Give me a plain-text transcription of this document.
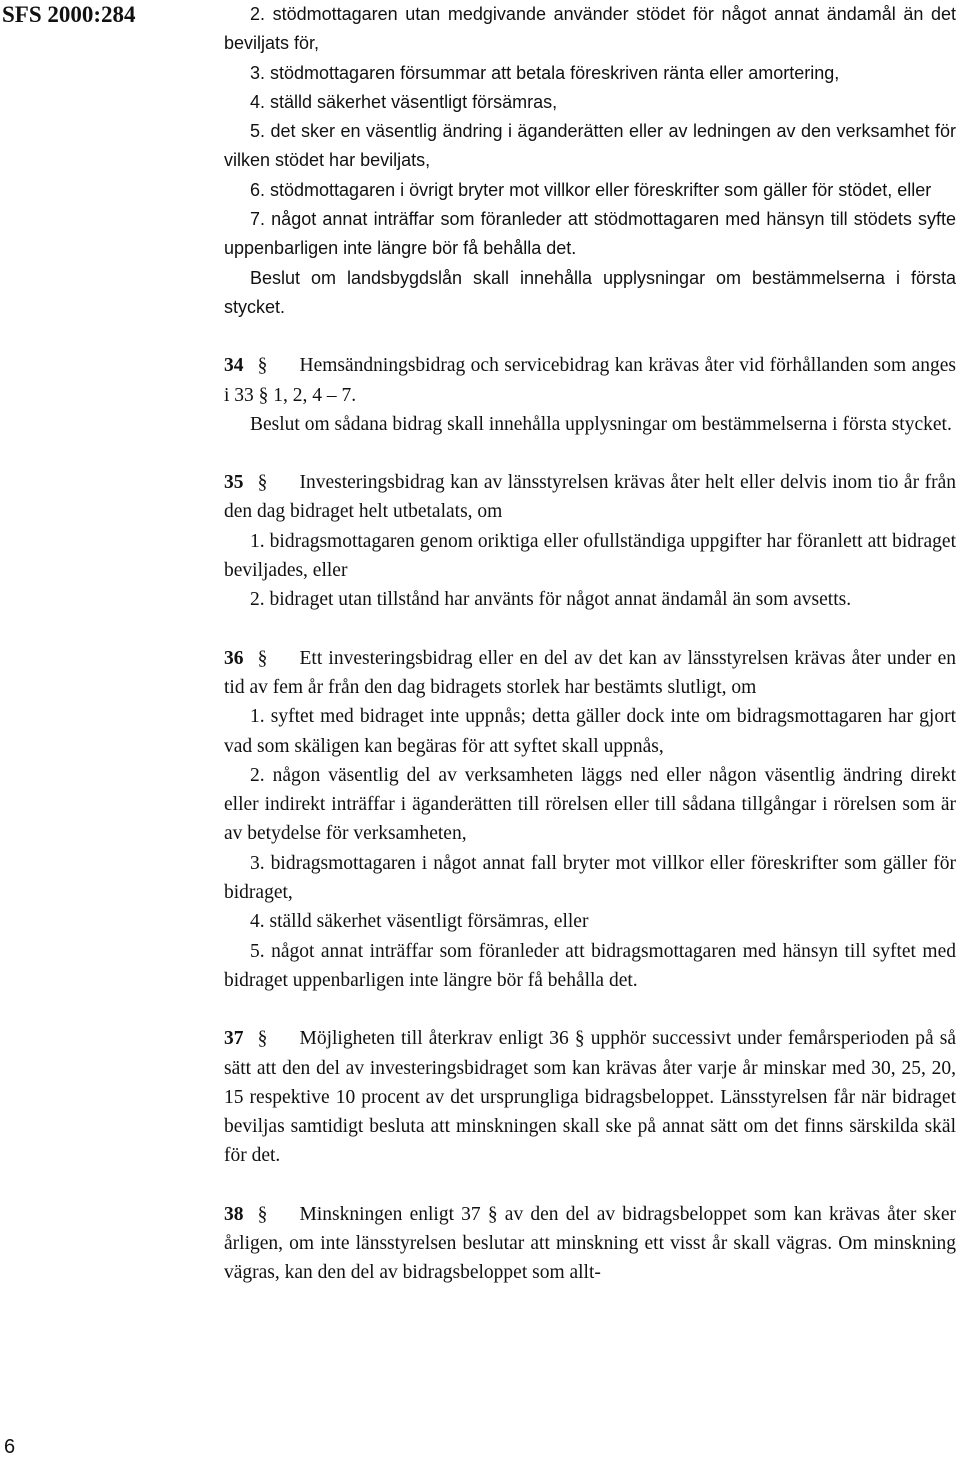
SFS 2000:284
6

2. stödmottagaren utan medgivande använder stödet för något annat ändamål än det beviljats för,

3. stödmottagaren försummar att betala föreskriven ränta eller amortering,

4. ställd säkerhet väsentligt försämras,

5. det sker en väsentlig ändring i äganderätten eller av ledningen av den verksamhet för vilken stödet har beviljats,

6. stödmottagaren i övrigt bryter mot villkor eller föreskrifter som gäller för stödet, eller

7. något annat inträffar som föranleder att stödmottagaren med hänsyn till stödets syfte uppenbarligen inte längre bör få behålla det.

Beslut om landsbygdslån skall innehålla upplysningar om bestämmelserna i första stycket.

34 § Hemsändningsbidrag och servicebidrag kan krävas åter vid förhållanden som anges i 33 § 1, 2, 4 – 7.

Beslut om sådana bidrag skall innehålla upplysningar om bestämmelserna i första stycket.

35 § Investeringsbidrag kan av länsstyrelsen krävas åter helt eller delvis inom tio år från den dag bidraget helt utbetalats, om

1. bidragsmottagaren genom oriktiga eller ofullständiga uppgifter har föranlett att bidraget beviljades, eller

2. bidraget utan tillstånd har använts för något annat ändamål än som avsetts.

36 § Ett investeringsbidrag eller en del av det kan av länsstyrelsen krävas åter under en tid av fem år från den dag bidragets storlek har bestämts slutligt, om

1. syftet med bidraget inte uppnås; detta gäller dock inte om bidragsmottagaren har gjort vad som skäligen kan begäras för att syftet skall uppnås,

2. någon väsentlig del av verksamheten läggs ned eller någon väsentlig ändring direkt eller indirekt inträffar i äganderätten till rörelsen eller till sådana tillgångar i rörelsen som är av betydelse för verksamheten,

3. bidragsmottagaren i något annat fall bryter mot villkor eller föreskrifter som gäller för bidraget,

4. ställd säkerhet väsentligt försämras, eller

5. något annat inträffar som föranleder att bidragsmottagaren med hänsyn till syftet med bidraget uppenbarligen inte längre bör få behålla det.

37 § Möjligheten till återkrav enligt 36 § upphör successivt under femårsperioden på så sätt att den del av investeringsbidraget som kan krävas åter varje år minskar med 30, 25, 20, 15 respektive 10 procent av det ursprungliga bidragsbeloppet. Länsstyrelsen får när bidraget beviljas samtidigt besluta att minskningen skall ske på annat sätt om det finns särskilda skäl för det.

38 § Minskningen enligt 37 § av den del av bidragsbeloppet som kan krävas åter sker årligen, om inte länsstyrelsen beslutar att minskning ett visst år skall vägras. Om minskning vägras, kan den del av bidragsbeloppet som allt-
